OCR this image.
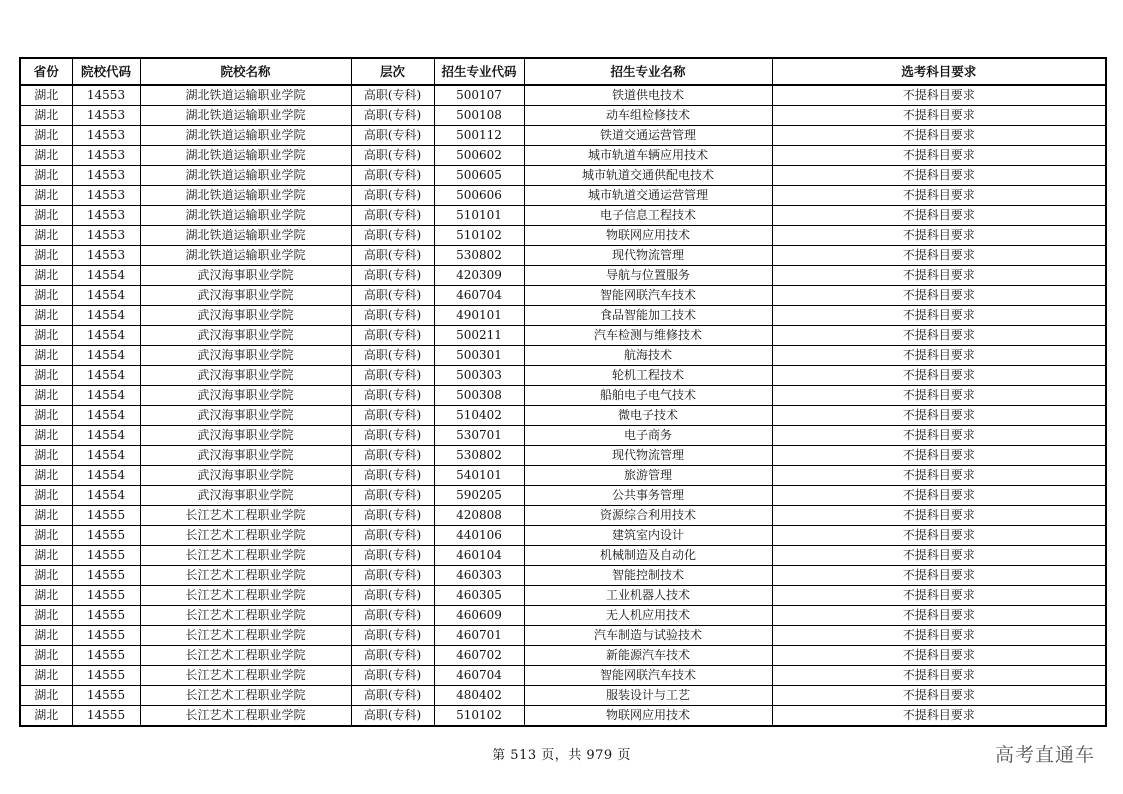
省份	院校代码	院校名称	层次	招生专业代码	招生专业名称	选考科目要求
湖北	14553	湖北铁道运输职业学院	高职(专科)	500107	铁道供电技术	不提科目要求
湖北	14553	湖北铁道运输职业学院	高职(专科)	500108	动车组检修技术	不提科目要求
湖北	14553	湖北铁道运输职业学院	高职(专科)	500112	铁道交通运营管理	不提科目要求
湖北	14553	湖北铁道运输职业学院	高职(专科)	500602	城市轨道车辆应用技术	不提科目要求
湖北	14553	湖北铁道运输职业学院	高职(专科)	500605	城市轨道交通供配电技术	不提科目要求
湖北	14553	湖北铁道运输职业学院	高职(专科)	500606	城市轨道交通运营管理	不提科目要求
湖北	14553	湖北铁道运输职业学院	高职(专科)	510101	电子信息工程技术	不提科目要求
湖北	14553	湖北铁道运输职业学院	高职(专科)	510102	物联网应用技术	不提科目要求
湖北	14553	湖北铁道运输职业学院	高职(专科)	530802	现代物流管理	不提科目要求
湖北	14554	武汉海事职业学院	高职(专科)	420309	导航与位置服务	不提科目要求
湖北	14554	武汉海事职业学院	高职(专科)	460704	智能网联汽车技术	不提科目要求
湖北	14554	武汉海事职业学院	高职(专科)	490101	食品智能加工技术	不提科目要求
湖北	14554	武汉海事职业学院	高职(专科)	500211	汽车检测与维修技术	不提科目要求
湖北	14554	武汉海事职业学院	高职(专科)	500301	航海技术	不提科目要求
湖北	14554	武汉海事职业学院	高职(专科)	500303	轮机工程技术	不提科目要求
湖北	14554	武汉海事职业学院	高职(专科)	500308	船舶电子电气技术	不提科目要求
湖北	14554	武汉海事职业学院	高职(专科)	510402	微电子技术	不提科目要求
湖北	14554	武汉海事职业学院	高职(专科)	530701	电子商务	不提科目要求
湖北	14554	武汉海事职业学院	高职(专科)	530802	现代物流管理	不提科目要求
湖北	14554	武汉海事职业学院	高职(专科)	540101	旅游管理	不提科目要求
湖北	14554	武汉海事职业学院	高职(专科)	590205	公共事务管理	不提科目要求
湖北	14555	长江艺术工程职业学院	高职(专科)	420808	资源综合利用技术	不提科目要求
湖北	14555	长江艺术工程职业学院	高职(专科)	440106	建筑室内设计	不提科目要求
湖北	14555	长江艺术工程职业学院	高职(专科)	460104	机械制造及自动化	不提科目要求
湖北	14555	长江艺术工程职业学院	高职(专科)	460303	智能控制技术	不提科目要求
湖北	14555	长江艺术工程职业学院	高职(专科)	460305	工业机器人技术	不提科目要求
湖北	14555	长江艺术工程职业学院	高职(专科)	460609	无人机应用技术	不提科目要求
湖北	14555	长江艺术工程职业学院	高职(专科)	460701	汽车制造与试验技术	不提科目要求
湖北	14555	长江艺术工程职业学院	高职(专科)	460702	新能源汽车技术	不提科目要求
湖北	14555	长江艺术工程职业学院	高职(专科)	460704	智能网联汽车技术	不提科目要求
湖北	14555	长江艺术工程职业学院	高职(专科)	480402	服装设计与工艺	不提科目要求
湖北	14555	长江艺术工程职业学院	高职(专科)	510102	物联网应用技术	不提科目要求
第 513 页，共 979 页	高考直通车
